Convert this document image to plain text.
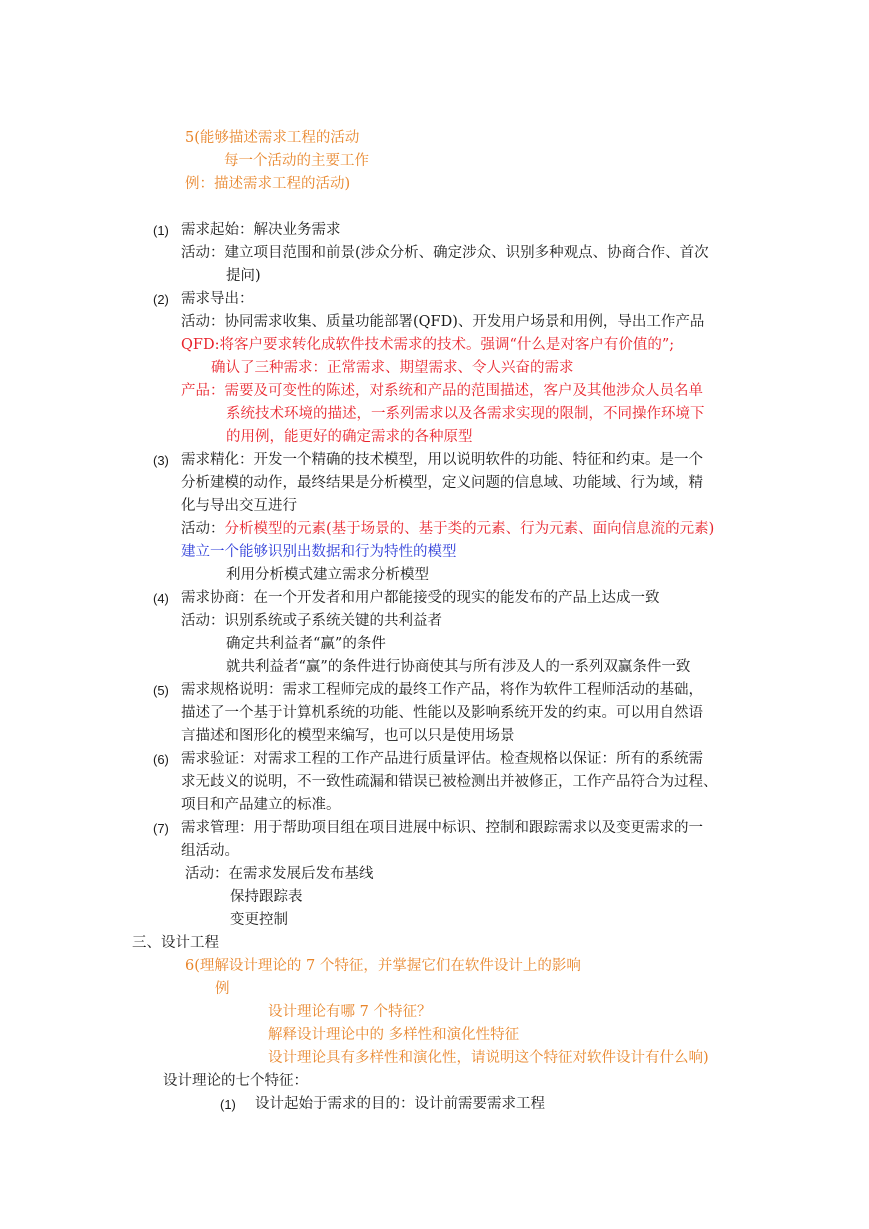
5(能够描述需求工程的活动
每一个活动的主要工作
例：描述需求工程的活动)
(1) 需求起始：解决业务需求
活动：建立项目范围和前景(涉众分析、确定涉众、识别多种观点、协商合作、首次
提问)
(2) 需求导出：
活动：协同需求收集、质量功能部署(QFD)、开发用户场景和用例，导出工作产品
QFD:将客户要求转化成软件技术需求的技术。强调“什么是对客户有价值的”;
确认了三种需求：正常需求、期望需求、令人兴奋的需求
产品：需要及可变性的陈述，对系统和产品的范围描述，客户及其他涉众人员名单
系统技术环境的描述，一系列需求以及各需求实现的限制，不同操作环境下
的用例，能更好的确定需求的各种原型
(3) 需求精化：开发一个精确的技术模型，用以说明软件的功能、特征和约束。是一个
分析建模的动作，最终结果是分析模型，定义问题的信息域、功能域、行为域，精
化与导出交互进行
活动：分析模型的元素(基于场景的、基于类的元素、行为元素、面向信息流的元素)
建立一个能够识别出数据和行为特性的模型
利用分析模式建立需求分析模型
(4) 需求协商：在一个开发者和用户都能接受的现实的能发布的产品上达成一致
活动：识别系统或子系统关键的共利益者
确定共利益者“赢”的条件
就共利益者“赢”的条件进行协商使其与所有涉及人的一系列双赢条件一致
(5) 需求规格说明：需求工程师完成的最终工作产品，将作为软件工程师活动的基础，
描述了一个基于计算机系统的功能、性能以及影响系统开发的约束。可以用自然语
言描述和图形化的模型来编写，也可以只是使用场景
(6) 需求验证：对需求工程的工作产品进行质量评估。检查规格以保证：所有的系统需
求无歧义的说明，不一致性疏漏和错误已被检测出并被修正，工作产品符合为过程、
项目和产品建立的标准。
(7) 需求管理：用于帮助项目组在项目进展中标识、控制和跟踪需求以及变更需求的一
组活动。
活动：在需求发展后发布基线
保持跟踪表
变更控制
三、设计工程
6(理解设计理论的 7 个特征，并掌握它们在软件设计上的影响
例
设计理论有哪 7 个特征？
解释设计理论中的 多样性和演化性特征
设计理论具有多样性和演化性，请说明这个特征对软件设计有什么响)
设计理论的七个特征：
(1) 设计起始于需求的目的：设计前需要需求工程
